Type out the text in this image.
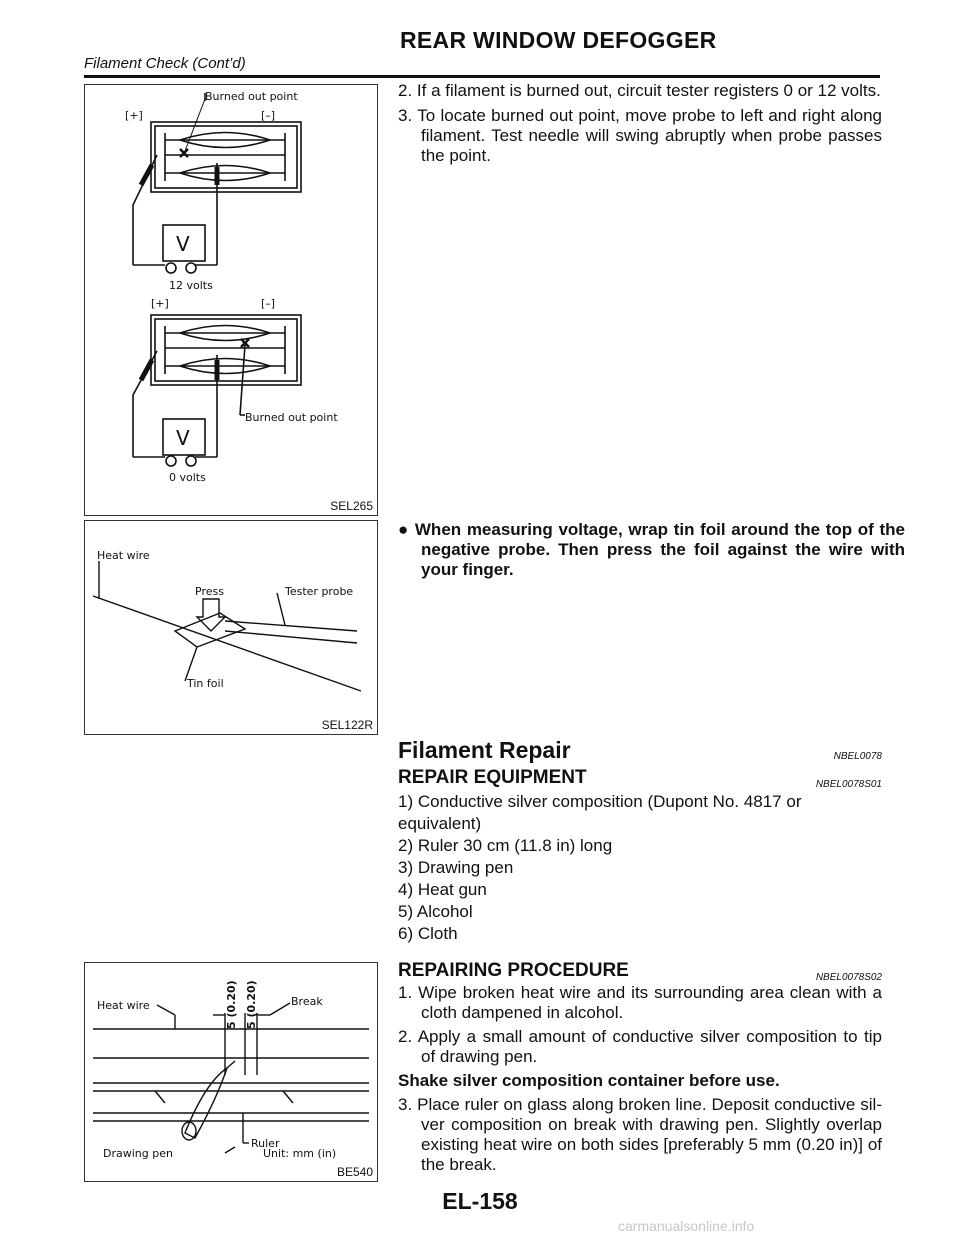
REAR WINDOW DEFOGGER
Filament Check (Cont’d)
Burned out point
[+]	[–]
V
12 volts
[+]	[–]
Burned out point
V
0 volts
SEL265
Heat wire
Press	Tester probe
Tin foil
SEL122R
Heat wire	5 (0.20) 5 (0.20)	Break
Ruler
Drawing pen	Unit: mm (in)
BE540
2. If a filament is burned out, circuit tester registers 0 or 12 volts.
3. To locate burned out point, move probe to left and right along filament. Test needle will swing abruptly when probe passes the point.
● When measuring voltage, wrap tin foil around the top of the negative probe. Then press the foil against the wire with your finger.
Filament Repair	NBEL0078
REPAIR EQUIPMENT	NBEL0078S01
1) Conductive silver composition (Dupont No. 4817 or equivalent)
2) Ruler 30 cm (11.8 in) long
3) Drawing pen
4) Heat gun
5) Alcohol
6) Cloth
REPAIRING PROCEDURE	NBEL0078S02
1. Wipe broken heat wire and its surrounding area clean with a cloth dampened in alcohol.
2. Apply a small amount of conductive silver composition to tip of drawing pen.
Shake silver composition container before use.
3. Place ruler on glass along broken line. Deposit conductive sil- ver composition on break with drawing pen. Slightly overlap existing heat wire on both sides [preferably 5 mm (0.20 in)] of the break.
EL-158
carmanualsonline.info
